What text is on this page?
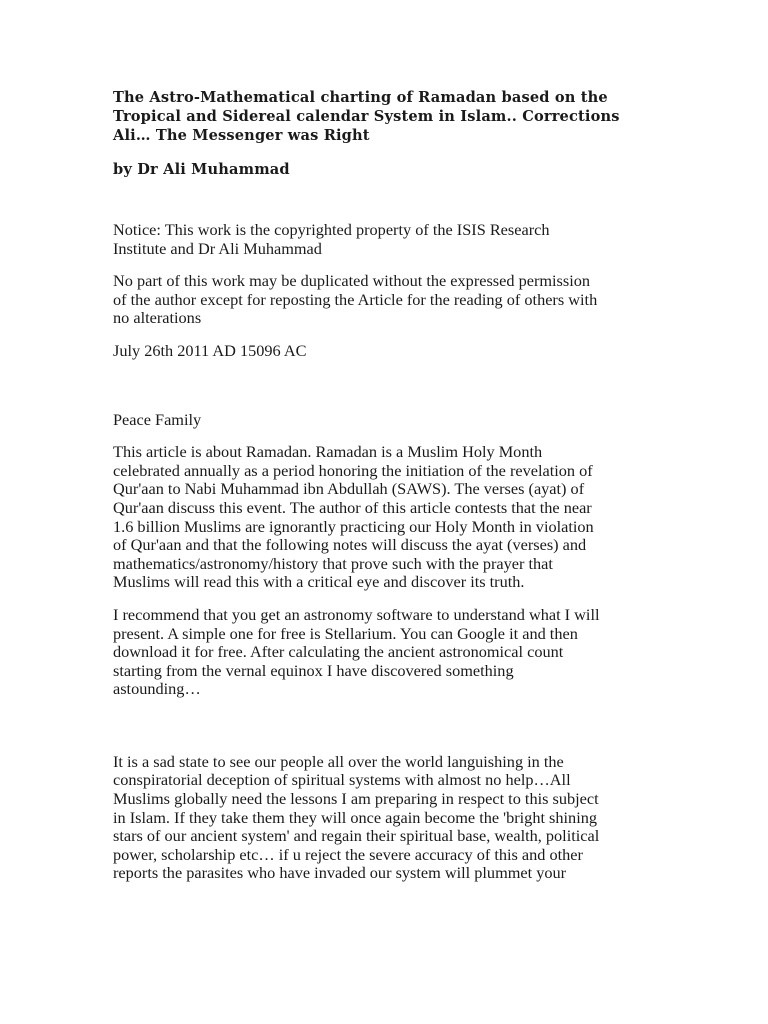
The Astro-Mathematical charting of Ramadan based on the
Tropical and Sidereal calendar System in Islam.. Corrections
Ali… The Messenger was Right

by Dr Ali Muhammad

Notice: This work is the copyrighted property of the ISIS Research
Institute and Dr Ali Muhammad

No part of this work may be duplicated without the expressed permission
of the author except for reposting the Article for the reading of others with
no alterations

July 26th 2011 AD 15096 AC

Peace Family

This article is about Ramadan. Ramadan is a Muslim Holy Month
celebrated annually as a period honoring the initiation of the revelation of
Qur'aan to Nabi Muhammad ibn Abdullah (SAWS). The verses (ayat) of
Qur'aan discuss this event. The author of this article contests that the near
1.6 billion Muslims are ignorantly practicing our Holy Month in violation
of Qur'aan and that the following notes will discuss the ayat (verses) and
mathematics/astronomy/history that prove such with the prayer that
Muslims will read this with a critical eye and discover its truth.

I recommend that you get an astronomy software to understand what I will
present. A simple one for free is Stellarium. You can Google it and then
download it for free. After calculating the ancient astronomical count
starting from the vernal equinox I have discovered something
astounding…

It is a sad state to see our people all over the world languishing in the
conspiratorial deception of spiritual systems with almost no help…All
Muslims globally need the lessons I am preparing in respect to this subject
in Islam. If they take them they will once again become the 'bright shining
stars of our ancient system' and regain their spiritual base, wealth, political
power, scholarship etc… if u reject the severe accuracy of this and other
reports the parasites who have invaded our system will plummet your
